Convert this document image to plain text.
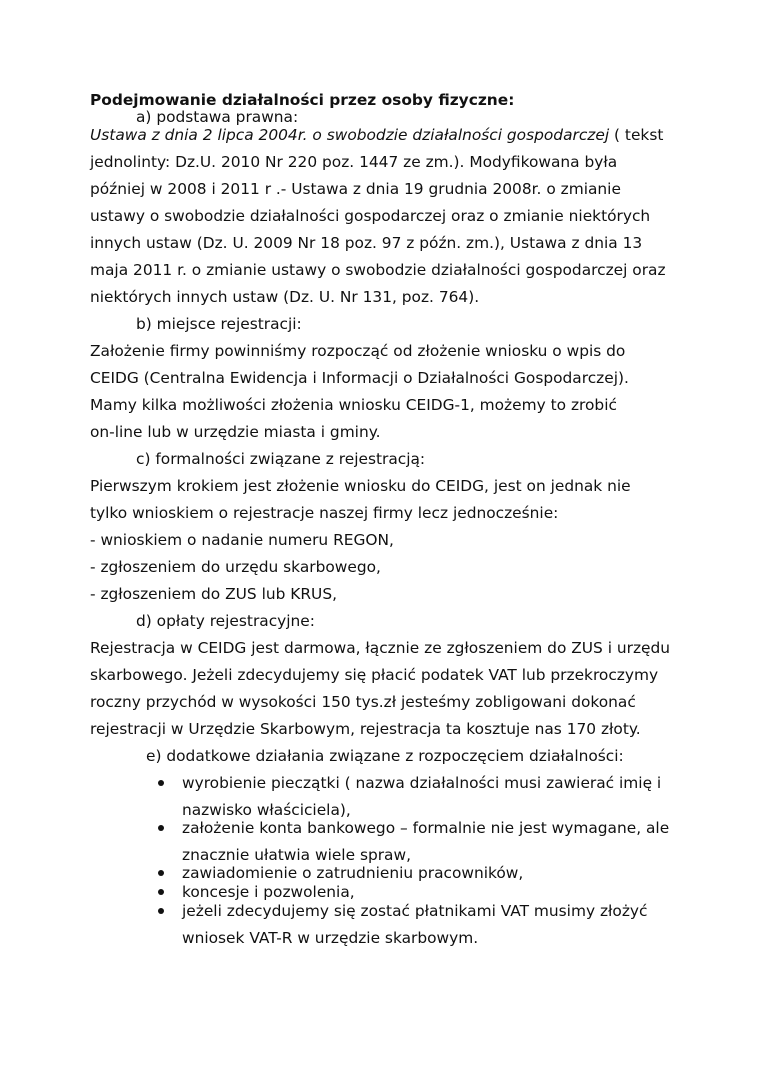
Podejmowanie działalności przez osoby fizyczne:
a) podstawa prawna:
Ustawa z dnia 2 lipca 2004r. o swobodzie działalności gospodarczej ( tekst
jednolinty: Dz.U. 2010 Nr 220 poz. 1447 ze zm.). Modyfikowana była
później w 2008 i 2011 r .- Ustawa z dnia 19 grudnia 2008r. o zmianie
ustawy o swobodzie działalności gospodarczej oraz o zmianie niektórych
innych ustaw (Dz. U. 2009 Nr 18 poz. 97 z późn. zm.), Ustawa z dnia 13
maja 2011 r. o zmianie ustawy o swobodzie działalności gospodarczej oraz
niektórych innych ustaw (Dz. U. Nr 131, poz. 764).
b) miejsce rejestracji:
Założenie firmy powinniśmy rozpocząć od złożenie wniosku o wpis do
CEIDG (Centralna Ewidencja i Informacji o Działalności Gospodarczej).
Mamy kilka możliwości złożenia wniosku CEIDG-1, możemy to zrobić
on-line lub w urzędzie miasta i gminy.
c) formalności związane z rejestracją:
Pierwszym krokiem jest złożenie wniosku do CEIDG, jest on jednak nie
tylko wnioskiem o rejestracje naszej firmy lecz jednocześnie:
- wnioskiem o nadanie numeru REGON,
- zgłoszeniem do urzędu skarbowego,
- zgłoszeniem do ZUS lub KRUS,
d) opłaty rejestracyjne:
Rejestracja w CEIDG jest darmowa, łącznie ze zgłoszeniem do ZUS i urzędu
skarbowego. Jeżeli zdecydujemy się płacić podatek VAT lub przekroczymy
roczny przychód w wysokości 150 tys.zł jesteśmy zobligowani dokonać
rejestracji w Urzędzie Skarbowym, rejestracja ta kosztuje nas 170 złoty.
e) dodatkowe działania związane z rozpoczęciem działalności:
wyrobienie pieczątki ( nazwa działalności musi zawierać imię i
nazwisko właściciela),
założenie konta bankowego – formalnie nie jest wymagane, ale
znacznie ułatwia wiele spraw,
zawiadomienie o zatrudnieniu pracowników,
koncesje i pozwolenia,
jeżeli zdecydujemy się zostać płatnikami VAT musimy złożyć
wniosek VAT-R w urzędzie skarbowym.
